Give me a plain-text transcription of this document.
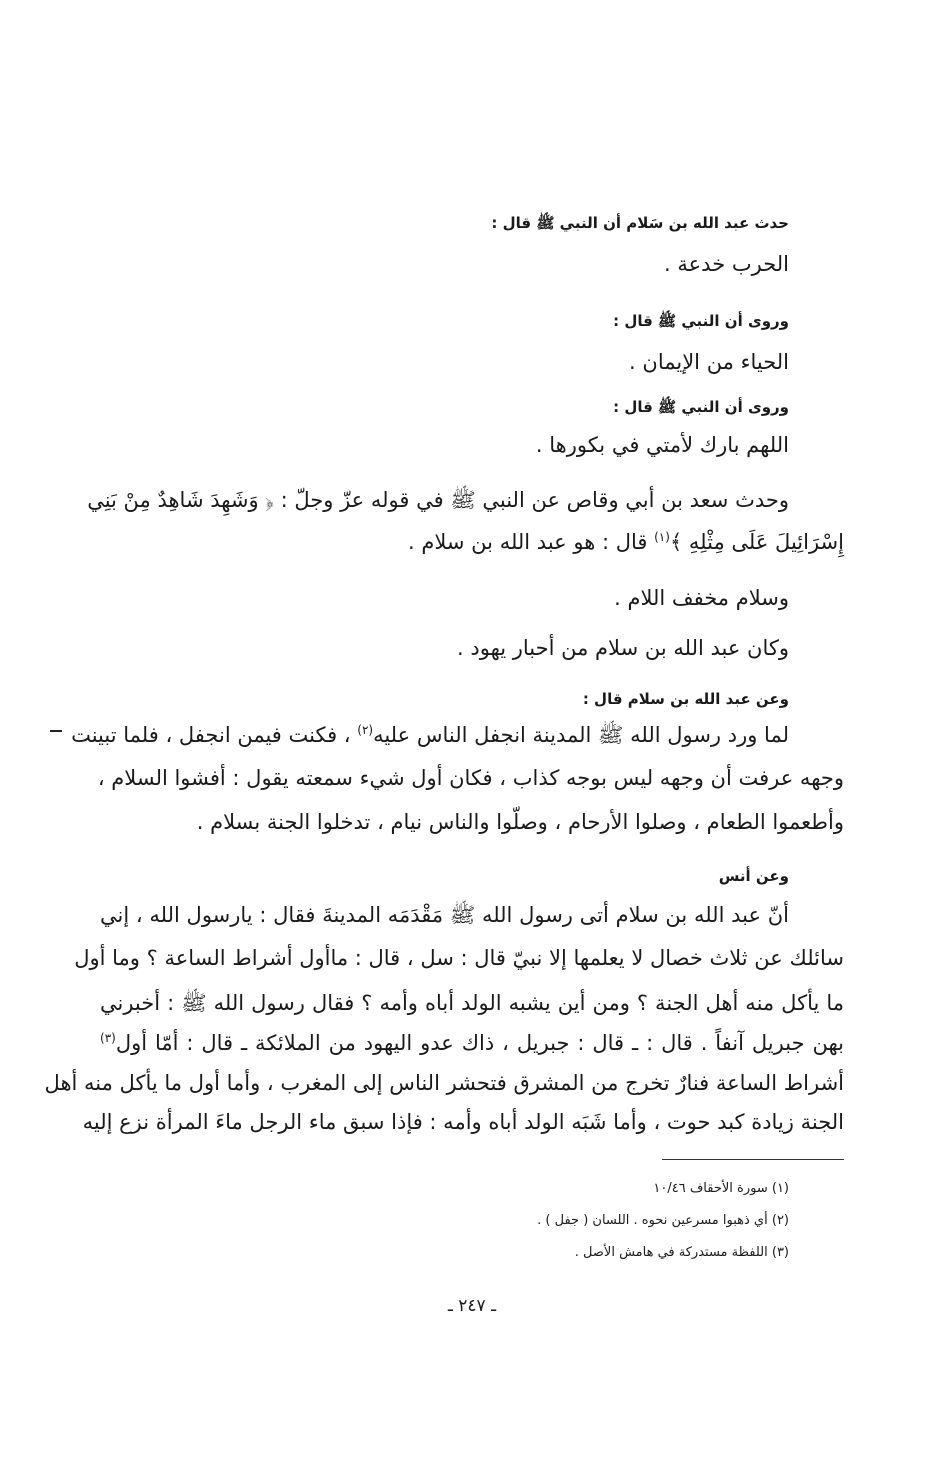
حدث عبد الله بن سَلام أن النبي ﷺ قال :
الحرب خدعة .
وروى أن النبي ﷺ قال :
الحياء من الإيمان .
وروى أن النبي ﷺ قال :
اللهم بارك لأمتي في بكورها .
وحدث سعد بن أبي وقاص عن النبي ﷺ في قوله عزّ وجلّ : ﴿ وَشَهِدَ شَاهِدٌ مِنْ بَنِي
إِسْرَائِيلَ عَلَى مِثْلِهِ ﴾$^{(١)}$ قال : هو عبد الله بن سلام .
وسلام مخفف اللام .
وكان عبد الله بن سلام من أحبار يهود .
وعن عبد الله بن سلام قال :
لما ورد رسول الله ﷺ المدينة انجفل الناس عليه$^{(٢)}$ ، فكنت فيمن انجفل ، فلما تبينت
وجهه عرفت أن وجهه ليس بوجه كذاب ، فكان أول شيء سمعته يقول : أفشوا السلام ،
وأطعموا الطعام ، وصلوا الأرحام ، وصلّوا والناس نيام ، تدخلوا الجنة بسلام .
وعن أنس
أنّ عبد الله بن سلام أتى رسول الله ﷺ مَقْدَمَه المدينةَ فقال : يارسول الله ، إني
سائلك عن ثلاث خصال لا يعلمها إلا نبيّ قال : سل ، قال : ماأول أشراط الساعة ؟ وما أول
ما يأكل منه أهل الجنة ؟ ومن أين يشبه الولد أباه وأمه ؟ فقال رسول الله ﷺ : أخبرني
بهن جبريل آنفاً . قال : ـ قال : جبريل ، ذاك عدو اليهود من الملائكة ـ قال : أمّا أول$^{(٣)}$
أشراط الساعة فنارٌ تخرج من المشرق فتحشر الناس إلى المغرب ، وأما أول ما يأكل منه أهل
الجنة زيادة كبد حوت ، وأما شَبَه الولد أباه وأمه : فإذا سبق ماء الرجل ماءَ المرأة نزع إليه
(١) سورة الأحقاف ١٠/٤٦
(٢) أي ذهبوا مسرعين نحوه . اللسان ( جفل ) .
(٣) اللفظة مستدركة في هامش الأصل .
ـ ٢٤٧ ـ
